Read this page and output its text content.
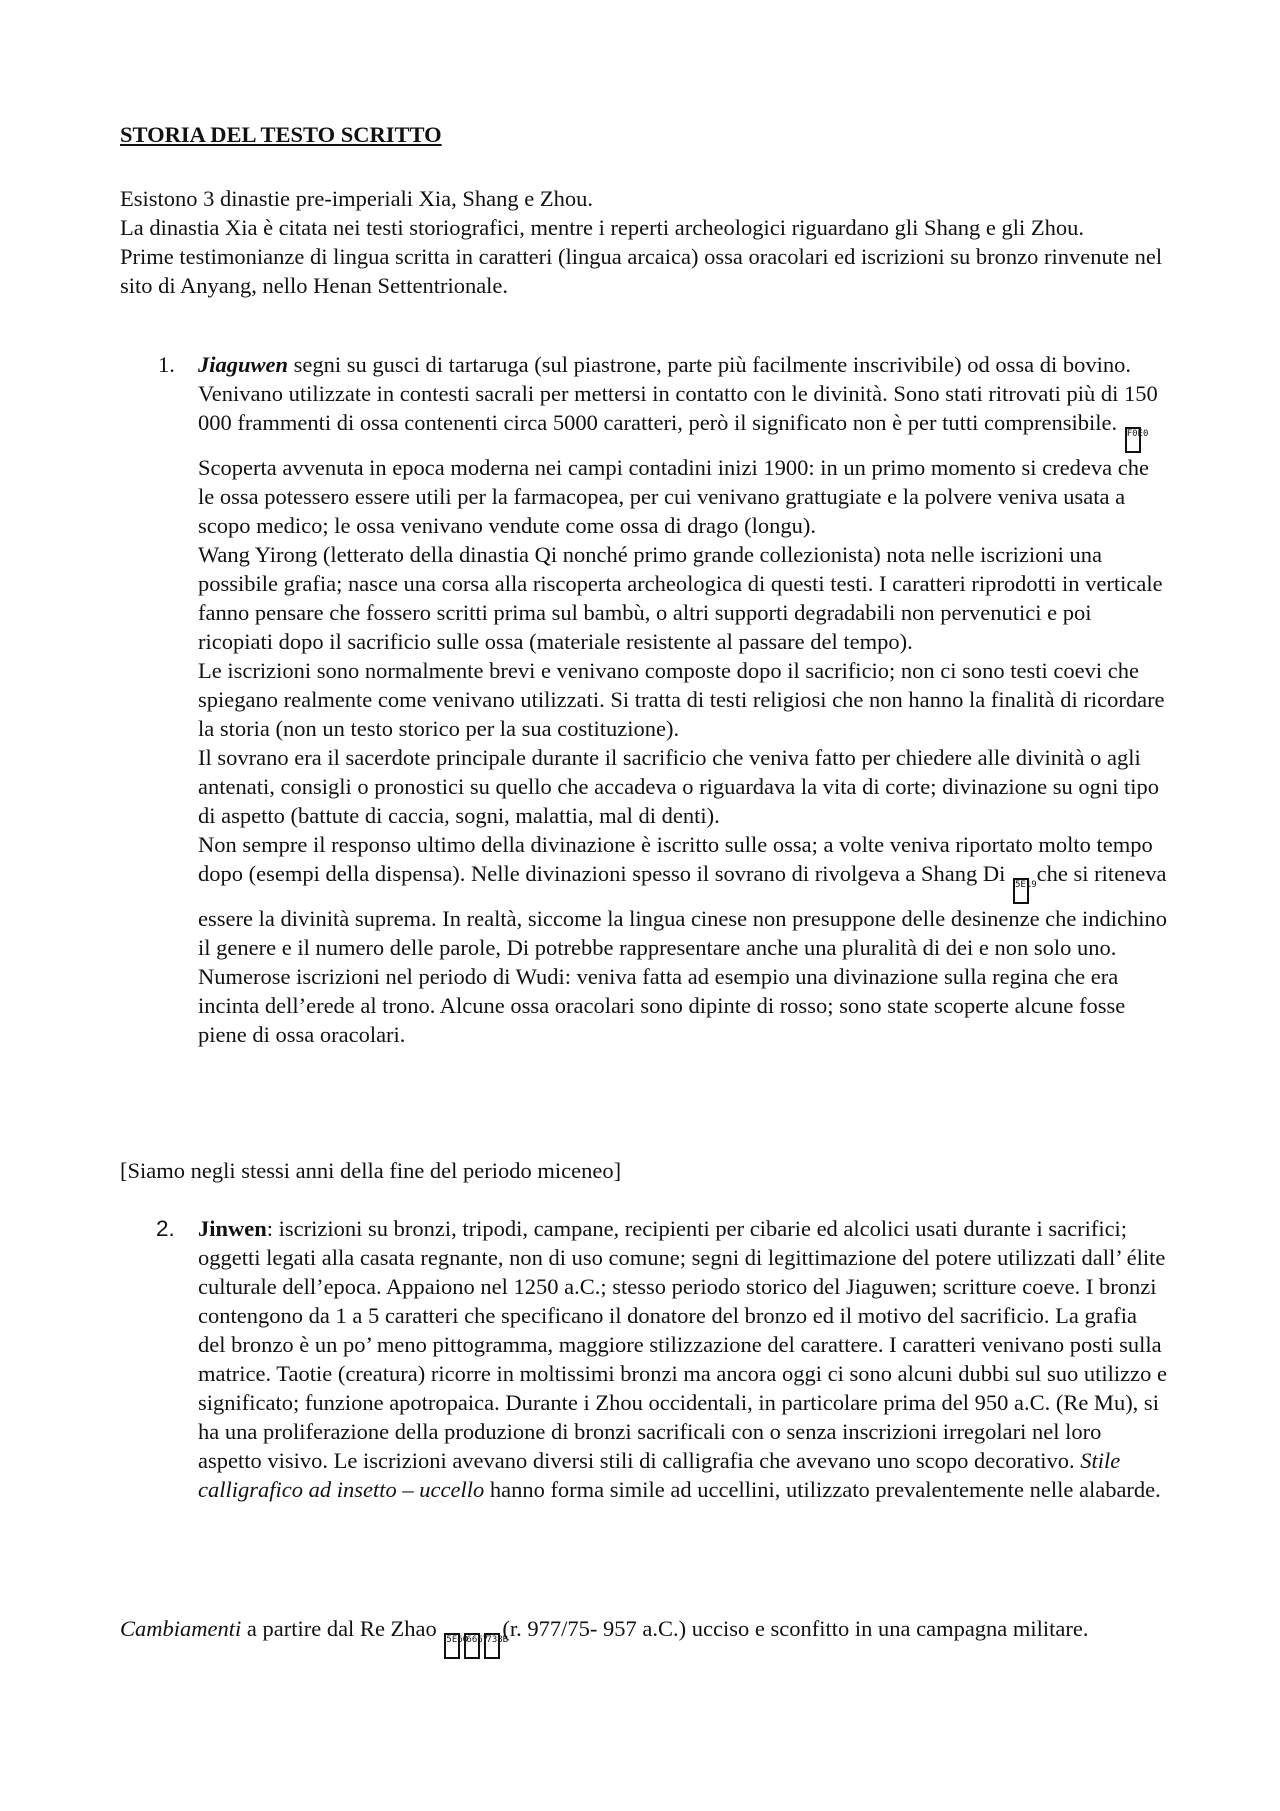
STORIA DEL TESTO SCRITTO

Esistono 3 dinastie pre-imperiali Xia, Shang e Zhou.

La dinastia Xia è citata nei testi storiografici, mentre i reperti archeologici riguardano gli Shang e gli Zhou.

Prime testimonianze di lingua scritta in caratteri (lingua arcaica) ossa oracolari ed iscrizioni su bronzo rinvenute nel sito di Anyang, nello Henan Settentrionale.

1. Jiaguwen segni su gusci di tartaruga (sul piastrone, parte più facilmente inscrivibile) od ossa di bovino. Venivano utilizzate in contesti sacrali per mettersi in contatto con le divinità. Sono stati ritrovati più di 150 000 frammenti di ossa contenenti circa 5000 caratteri, però il significato non è per tutti comprensibile. F0E0

Scoperta avvenuta in epoca moderna nei campi contadini inizi 1900: in un primo momento si credeva che le ossa potessero essere utili per la farmacopea, per cui venivano grattugiate e la polvere veniva usata a scopo medico; le ossa venivano vendute come ossa di drago (longu).

Wang Yirong (letterato della dinastia Qi nonché primo grande collezionista) nota nelle iscrizioni una possibile grafia; nasce una corsa alla riscoperta archeologica di questi testi. I caratteri riprodotti in verticale fanno pensare che fossero scritti prima sul bambù, o altri supporti degradabili non pervenutici e poi ricopiati dopo il sacrificio sulle ossa (materiale resistente al passare del tempo).

Le iscrizioni sono normalmente brevi e venivano composte dopo il sacrificio; non ci sono testi coevi che spiegano realmente come venivano utilizzati. Si tratta di testi religiosi che non hanno la finalità di ricordare la storia (non un testo storico per la sua costituzione).

Il sovrano era il sacerdote principale durante il sacrificio che veniva fatto per chiedere alle divinità o agli antenati, consigli o pronostici su quello che accadeva o riguardava la vita di corte; divinazione su ogni tipo di aspetto (battute di caccia, sogni, malattia, mal di denti).

Non sempre il responso ultimo della divinazione è iscritto sulle ossa; a volte veniva riportato molto tempo dopo (esempi della dispensa). Nelle divinazioni spesso il sovrano di rivolgeva a Shang Di 5E19 che si riteneva essere la divinità suprema. In realtà, siccome la lingua cinese non presuppone delle desinenze che indichino il genere e il numero delle parole, Di potrebbe rappresentare anche una pluralità di dei e non solo uno.

Numerose iscrizioni nel periodo di Wudi: veniva fatta ad esempio una divinazione sulla regina che era incinta dell’erede al trono. Alcune ossa oracolari sono dipinte di rosso; sono state scoperte alcune fosse piene di ossa oracolari.

[Siamo negli stessi anni della fine del periodo miceneo]
2. Jinwen: iscrizioni su bronzi, tripodi, campane, recipienti per cibarie ed alcolici usati durante i sacrifici; oggetti legati alla casata regnante, non di uso comune; segni di legittimazione del potere utilizzati dall’ élite culturale dell’epoca. Appaiono nel 1250 a.C.; stesso periodo storico del Jiaguwen; scritture coeve. I bronzi contengono da 1 a 5 caratteri che specificano il donatore del bronzo ed il motivo del sacrificio. La grafia del bronzo è un po’ meno pittogramma, maggiore stilizzazione del carattere. I caratteri venivano posti sulla matrice. Taotie (creatura) ricorre in moltissimi bronzi ma ancora oggi ci sono alcuni dubbi sul suo utilizzo e significato; funzione apotropaica. Durante i Zhou occidentali, in particolare prima del 950 a.C. (Re Mu), si ha una proliferazione della produzione di bronzi sacrificali con o senza inscrizioni irregolari nel loro aspetto visivo. Le iscrizioni avevano diversi stili di calligrafia che avevano uno scopo decorativo. Stile calligrafico ad insetto – uccello hanno forma simile ad uccellini, utilizzato prevalentemente nelle alabarde.

Cambiamenti a partire dal Re Zhao 5E606667738B(r. 977/75- 957 a.C.) ucciso e sconfitto in una campagna militare.
